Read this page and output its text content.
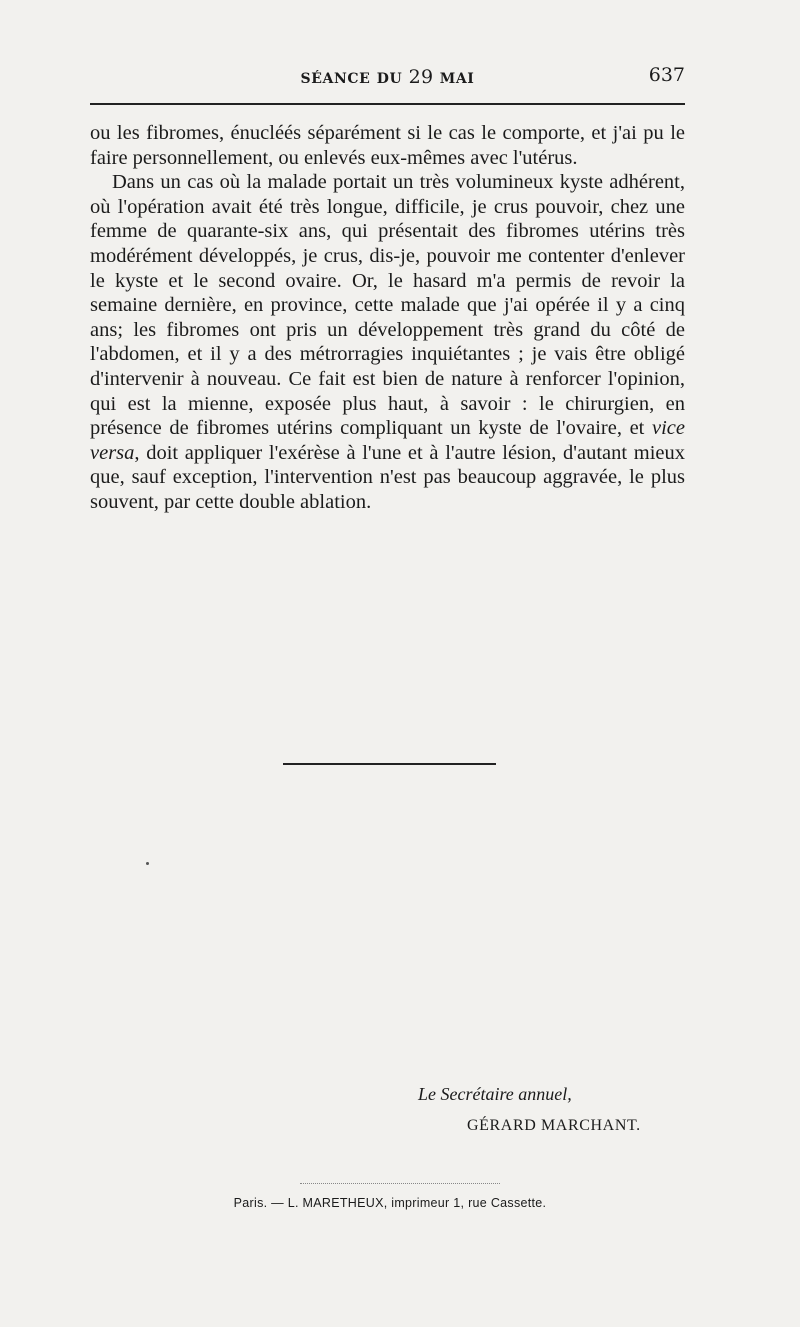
SÉANCE DU 29 MAI	637

ou les fibromes, énucléés séparément si le cas le comporte, et j'ai pu le faire personnellement, ou enlevés eux-mêmes avec l'utérus.

Dans un cas où la malade portait un très volumineux kyste adhérent, où l'opération avait été très longue, difficile, je crus pouvoir, chez une femme de quarante-six ans, qui présentait des fibromes utérins très modérément développés, je crus, dis-je, pouvoir me contenter d'enlever le kyste et le second ovaire. Or, le hasard m'a permis de revoir la semaine dernière, en province, cette malade que j'ai opérée il y a cinq ans; les fibromes ont pris un développement très grand du côté de l'abdomen, et il y a des métrorragies inquiétantes ; je vais être obligé d'intervenir à nouveau. Ce fait est bien de nature à renforcer l'opinion, qui est la mienne, exposée plus haut, à savoir : le chirurgien, en présence de fibromes utérins compliquant un kyste de l'ovaire, et vice versa, doit appliquer l'exérèse à l'une et à l'autre lésion, d'autant mieux que, sauf exception, l'intervention n'est pas beaucoup aggravée, le plus souvent, par cette double ablation.

Le Secrétaire annuel,
GÉRARD MARCHANT.
Paris. — L. MARETHEUX, imprimeur 1, rue Cassette.
